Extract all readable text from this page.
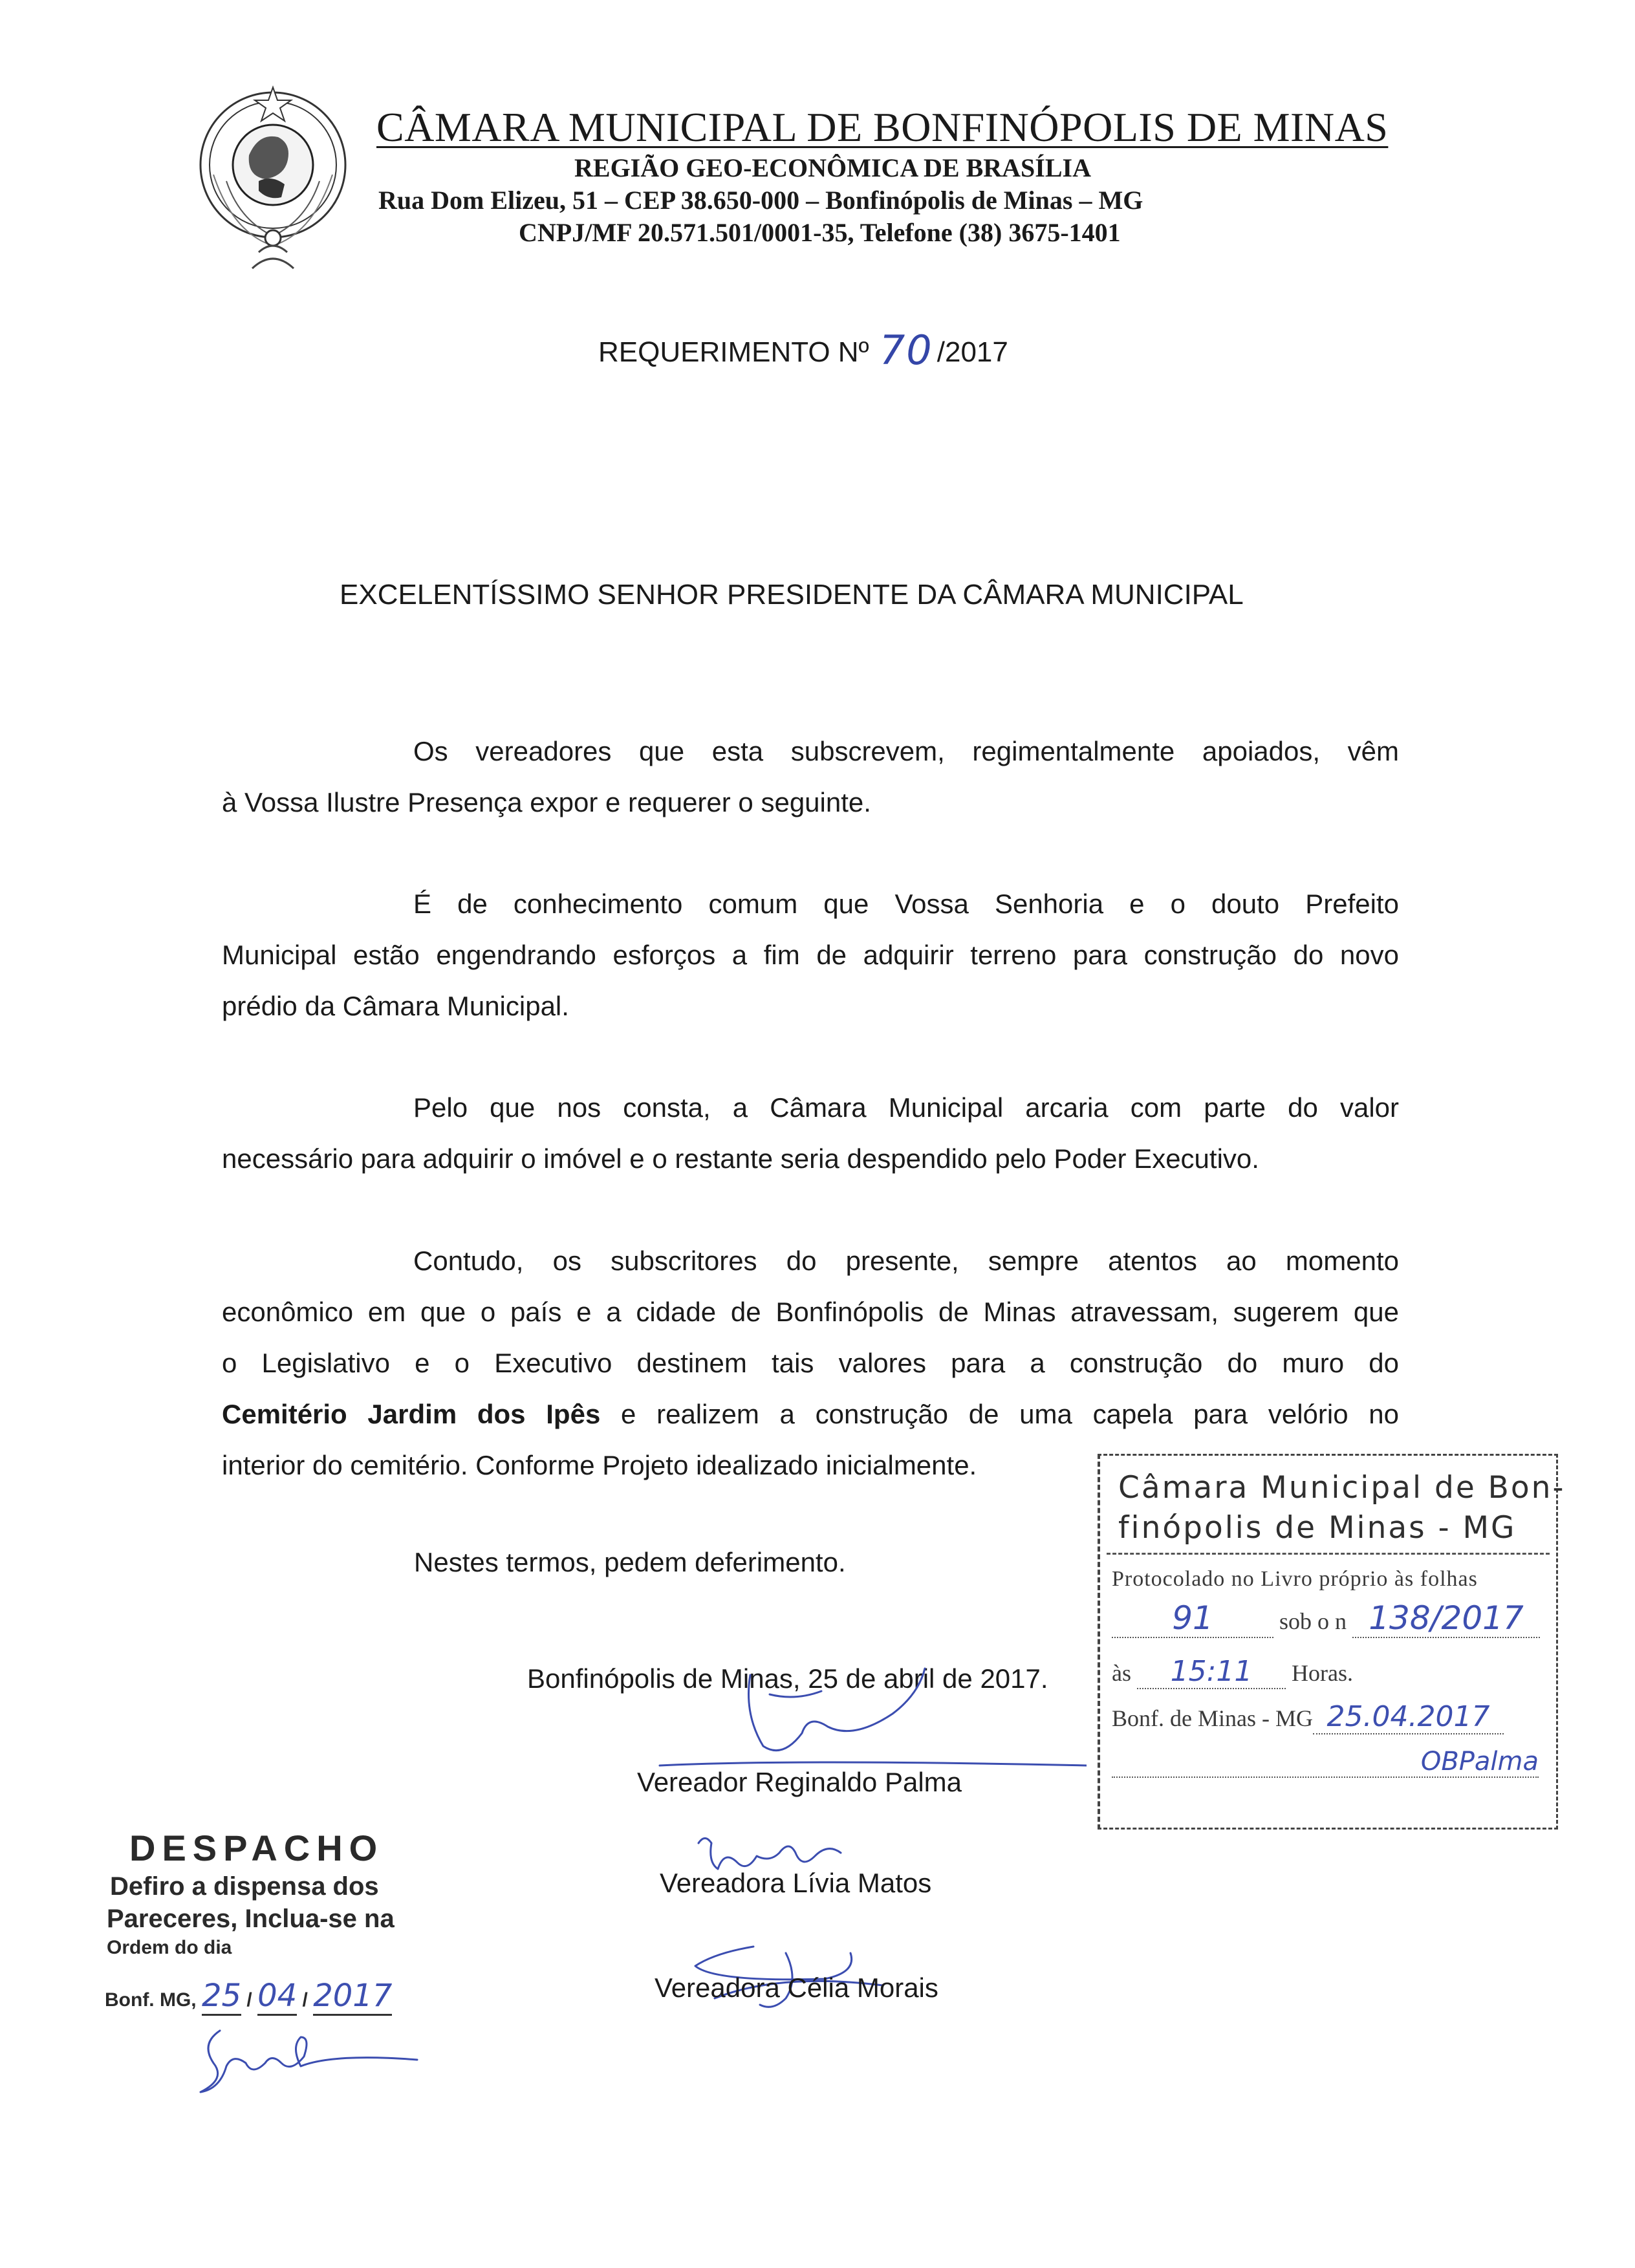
CÂMARA MUNICIPAL DE BONFINÓPOLIS DE MINAS
REGIÃO GEO-ECONÔMICA DE BRASÍLIA
Rua Dom Elizeu, 51 – CEP 38.650-000 – Bonfinópolis de Minas – MG
CNPJ/MF 20.571.501/0001-35, Telefone (38) 3675-1401
REQUERIMENTO Nº 70 /2017
EXCELENTÍSSIMO SENHOR PRESIDENTE DA CÂMARA MUNICIPAL
Os vereadores que esta subscrevem, regimentalmente apoiados, vêm
à Vossa Ilustre Presença expor e requerer o seguinte.
É de conhecimento comum que Vossa Senhoria e o douto Prefeito
Municipal estão engendrando esforços a fim de adquirir terreno para construção do novo
prédio da Câmara Municipal.
Pelo que nos consta, a Câmara Municipal arcaria com parte do valor
necessário para adquirir o imóvel e o restante seria despendido pelo Poder Executivo.
Contudo, os subscritores do presente, sempre atentos ao momento
econômico em que o país e a cidade de Bonfinópolis de Minas atravessam, sugerem que
o Legislativo e o Executivo destinem tais valores para a construção do muro do
Cemitério Jardim dos Ipês e realizem a construção de uma capela para velório no
interior do cemitério. Conforme Projeto idealizado inicialmente.
Nestes termos, pedem deferimento.
Bonfinópolis de Minas, 25 de abril de 2017.
Vereador Reginaldo Palma
Vereadora Lívia Matos
Vereadora Célia Morais
Câmara Municipal de Bon-
finópolis de Minas - MG
Protocolado no Livro próprio às folhas
91	sob o n 138/2017
às 15:11 Horas.
Bonf. de Minas - MG 25.04.2017
OBPalma
DESPACHO
Defiro a dispensa dos
Pareceres, Inclua-se na
Ordem do dia
Bonf. MG, 25 / 04 / 2017
